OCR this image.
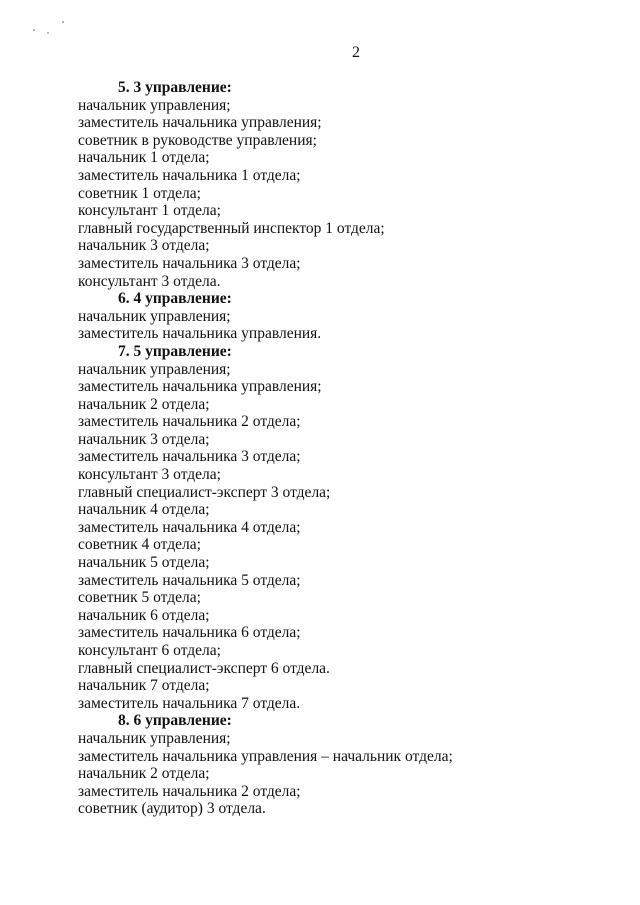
2
5. 3 управление:
начальник управления;
заместитель начальника управления;
советник в руководстве управления;
начальник 1 отдела;
заместитель начальника 1 отдела;
советник 1 отдела;
консультант 1 отдела;
главный государственный инспектор 1 отдела;
начальник 3 отдела;
заместитель начальника 3 отдела;
консультант 3 отдела.
6. 4 управление:
начальник управления;
заместитель начальника управления.
7. 5 управление:
начальник управления;
заместитель начальника управления;
начальник 2 отдела;
заместитель начальника 2 отдела;
начальник 3 отдела;
заместитель начальника 3 отдела;
консультант 3 отдела;
главный специалист-эксперт 3 отдела;
начальник 4 отдела;
заместитель начальника 4 отдела;
советник 4 отдела;
начальник 5 отдела;
заместитель начальника 5 отдела;
советник 5 отдела;
начальник 6 отдела;
заместитель начальника 6 отдела;
консультант 6 отдела;
главный специалист-эксперт 6 отдела.
начальник 7 отдела;
заместитель начальника 7 отдела.
8. 6 управление:
начальник управления;
заместитель начальника управления – начальник отдела;
начальник 2 отдела;
заместитель начальника 2 отдела;
советник (аудитор) 3 отдела.
